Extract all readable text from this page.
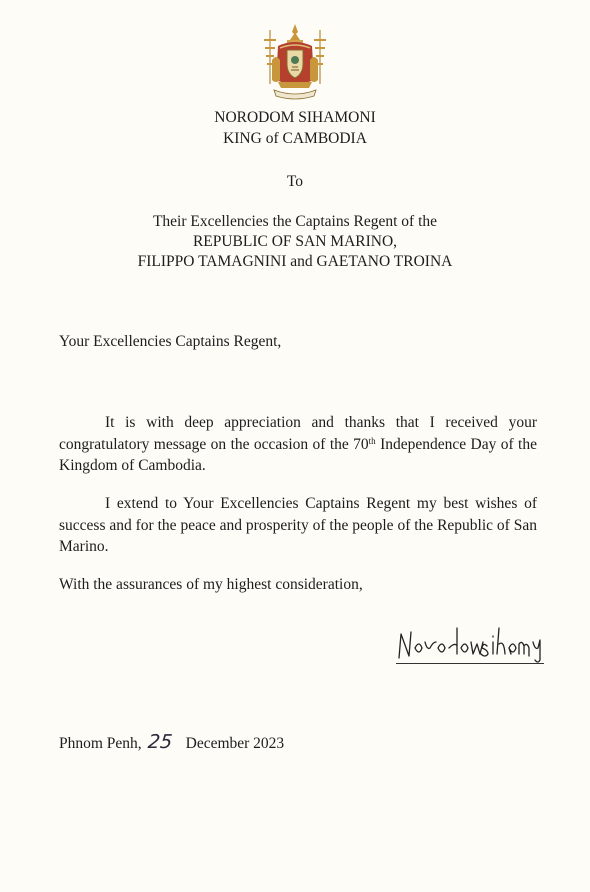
NORODOM SIHAMONI
KING of CAMBODIA
To
Their Excellencies the Captains Regent of the
REPUBLIC OF SAN MARINO,
FILIPPO TAMAGNINI and GAETANO TROINA
Your Excellencies Captains Regent,
It is with deep appreciation and thanks that I received your congratulatory message on the occasion of the 70th Independence Day of the Kingdom of Cambodia.
I extend to Your Excellencies Captains Regent my best wishes of success and for the peace and prosperity of the people of the Republic of San Marino.
With the assurances of my highest consideration,
Phnom Penh, 25 December 2023
